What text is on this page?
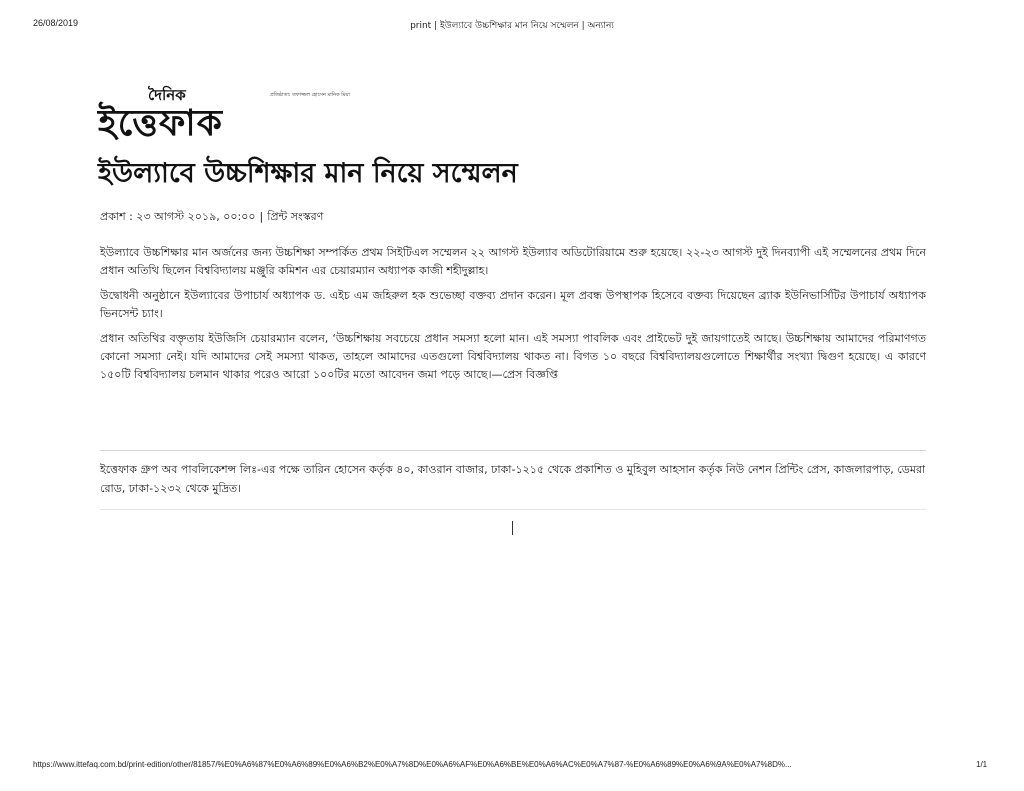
26/08/2019	print | ইউল্যাবে উচ্চশিক্ষার মান নিয়ে সম্মেলন | অন্যান্য
দৈনিক	প্রতিষ্ঠাতা: তফাজ্জল হোসেন মানিক মিয়া
ইত্তেফাক
ইউল্যাবে উচ্চশিক্ষার মান নিয়ে সম্মেলন
প্রকাশ : ২৩ আগস্ট ২০১৯, ০০:০০ | প্রিন্ট সংস্করণ

ইউল্যাবে উচ্চশিক্ষার মান অর্জনের জন্য উচ্চশিক্ষা সম্পর্কিত প্রথম সিইটিএল সম্মেলন ২২ আগস্ট ইউল্যাব অডিটোরিয়ামে শুরু হয়েছে। ২২-২৩ আগস্ট দুই দিনব্যাপী এই সম্মেলনের প্রথম দিনে প্রধান অতিথি ছিলেন বিশ্ববিদ্যালয় মঞ্জুরি কমিশন এর চেয়ারম্যান অধ্যাপক কাজী শহীদুল্লাহ।

উদ্বোধনী অনুষ্ঠানে ইউল্যাবের উপাচার্য অধ্যাপক ড. এইচ এম জহিরুল হক শুভেচ্ছা বক্তব্য প্রদান করেন। মূল প্রবন্ধ উপস্থাপক হিসেবে বক্তব্য দিয়েছেন ব্র্যাক ইউনিভার্সিটির উপাচার্য অধ্যাপক ভিনসেন্ট চ্যাং।

প্রধান অতিথির বক্তৃতায় ইউজিসি চেয়ারম্যান বলেন, ‘উচ্চশিক্ষায় সবচেয়ে প্রধান সমস্যা হলো মান। এই সমস্যা পাবলিক এবং প্রাইভেট দুই জায়গাতেই আছে। উচ্চশিক্ষায় আমাদের পরিমাণগত কোনো সমস্যা নেই। যদি আমাদের সেই সমস্যা থাকত, তাহলে আমাদের এতগুলো বিশ্ববিদ্যালয় থাকত না। বিগত ১০ বছরে বিশ্ববিদ্যালয়গুলোতে শিক্ষার্থীর সংখ্যা দ্বিগুণ হয়েছে। এ কারণে ১৫০টি বিশ্ববিদ্যালয় চলমান থাকার পরেও আরো ১০০টির মতো আবেদন জমা পড়ে আছে।—প্রেস বিজ্ঞপ্তি

ইত্তেফাক গ্রুপ অব পাবলিকেশন্স লিঃ-এর পক্ষে তারিন হোসেন কর্তৃক ৪০, কাওরান বাজার, ঢাকা-১২১৫ থেকে প্রকাশিত ও মুহিবুল আহসান কর্তৃক নিউ নেশন প্রিন্টিং প্রেস, কাজলারপাড়, ডেমরা রোড, ঢাকা-১২৩২ থেকে মুদ্রিত।
https://www.ittefaq.com.bd/print-edition/other/81857/%E0%A6%87%E0%A6%89%E0%A6%B2%E0%A7%8D%E0%A6%AF%E0%A6%BE%E0%A6%AC%E0%A7%87-%E0%A6%89%E0%A6%9A%E0%A7%8D%...	1/1
